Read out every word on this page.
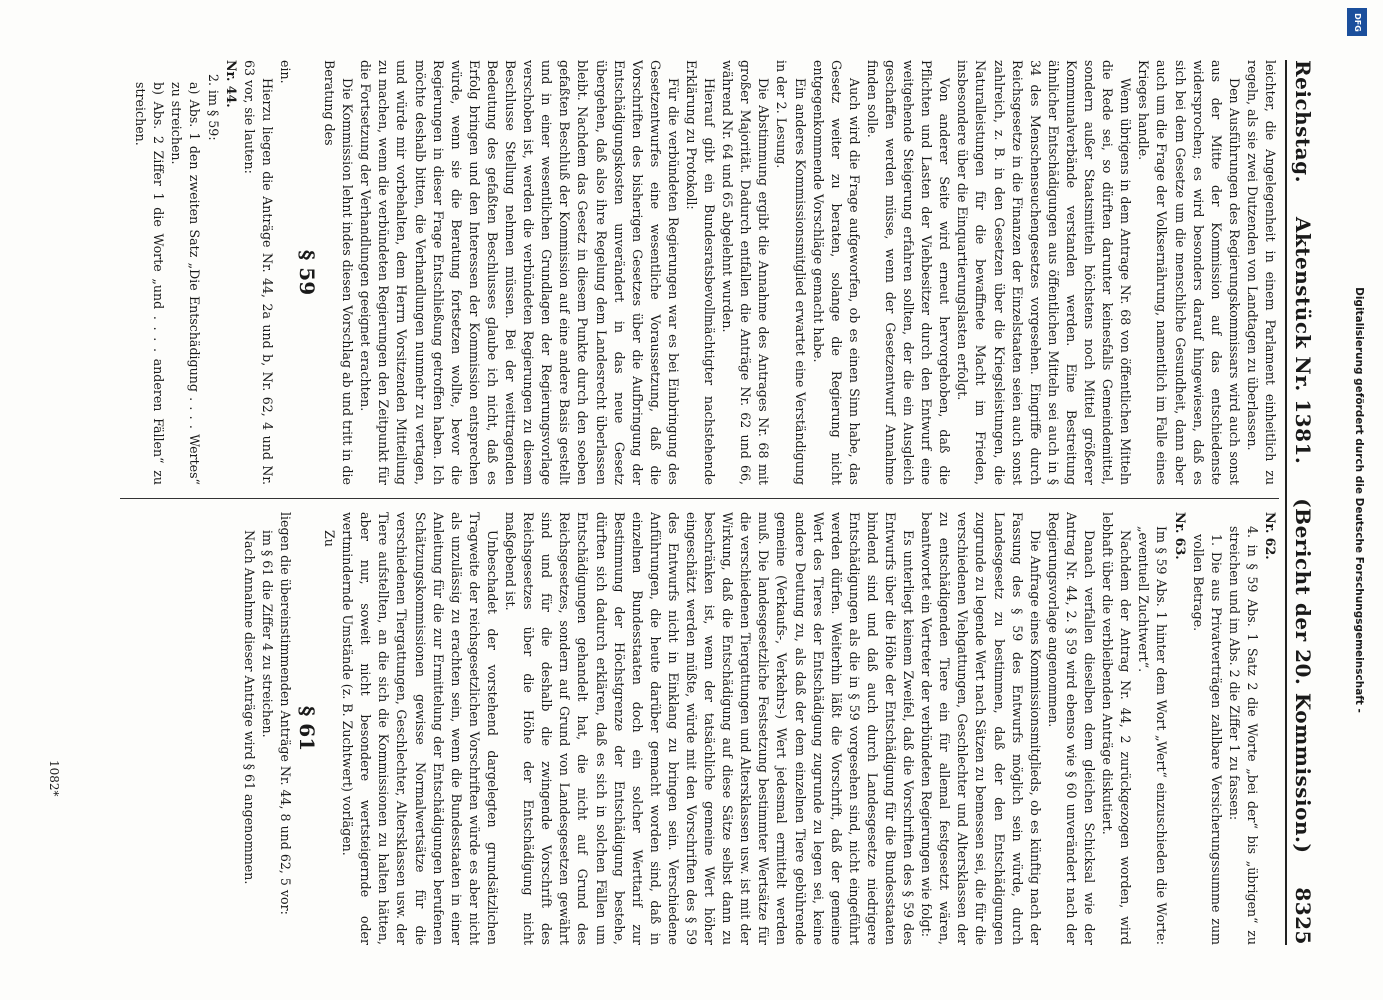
Reichstag.
Aktenstück Nr. 1381.
(Bericht der 20. Kommission.)
8325

leichter, die Angelegenheit in einem Parlament einheitlich zu regeln, als sie zwei Dutzenden von Landtagen zu überlassen.

Den Ausführungen des Regierungskommissars wird auch sonst aus der Mitte der Kommission auf das entschiedenste widersprochen; es wird besonders darauf hingewiesen, daß es sich bei dem Gesetze um die menschliche Gesundheit, dann aber auch um die Frage der Volksernährung, namentlich im Falle eines Krieges handle.

Wenn übrigens in dem Antrage Nr. 68 von öffentlichen Mitteln die Rede sei, so dürften darunter keinesfalls Gemeindemittel, sondern außer Staatsmitteln höchstens noch Mittel größerer Kommunalverbände verstanden werden. Eine Bestreitung ähnlicher Entschädigungen aus öffentlichen Mitteln sei auch in § 34 des Menschenseuchengesetzes vorgesehen. Eingriffe durch Reichsgesetze in die Finanzen der Einzelstaaten seien auch sonst zahlreich, z. B. in den Gesetzen über die Kriegsleistungen, die Naturalleistungen für die bewaffnete Macht im Frieden, insbesondere über die Einquartierungslasten erfolgt.

Von anderer Seite wird erneut hervorgehoben, daß die Pflichten und Lasten der Viehbesitzer durch den Entwurf eine weitgehende Steigerung erfahren sollten, der die ein Ausgleich geschaffen werden müsse, wenn der Gesetzentwurf Annahme finden solle.

Auch wird die Frage aufgeworfen, ob es einen Sinn habe, das Gesetz weiter zu beraten, solange die Regierung nicht entgegenkommende Vorschläge gemacht habe.

Ein anderes Kommissionsmitglied erwartet eine Verständigung in der 2. Lesung.

Die Abstimmung ergibt die Annahme des Antrages Nr. 68 mit großer Majorität. Dadurch entfallen die Anträge Nr. 62 und 66, während Nr. 64 und 65 abgelehnt wurden.

Hierauf gibt ein Bundesratsbevollmächtigter nachstehende Erklärung zu Protokoll:

Für die verbündeten Regierungen war es bei Einbringung des Gesetzentwurfes eine wesentliche Voraussetzung, daß die Vorschriften des bisherigen Gesetzes über die Aufbringung der Entschädigungskosten unverändert in das neue Gesetz übergehen, daß also ihre Regelung dem Landesrecht überlassen bleibt. Nachdem das Gesetz in diesem Punkte durch den soeben gefaßten Beschluß der Kommission auf eine andere Basis gestellt und in einer wesentlichen Grundlagen der Regierungsvorlage verschoben ist, werden die verbündeten Regierungen zu diesem Beschlusse Stellung nehmen müssen. Bei der weittragenden Bedeutung des gefaßten Beschlusses glaube ich nicht, daß es Erfolg bringen und den Interessen der Kommission entsprechen würde, wenn sie die Beratung fortsetzen wollte, bevor die Regierungen in dieser Frage Entschließung getroffen haben. Ich möchte deshalb bitten, die Verhandlungen nunmehr zu vertagen, und würde mir vorbehalten, dem Herrn Vorsitzenden Mitteilung zu machen, wenn die verbündeten Regierungen den Zeitpunkt für die Fortsetzung der Verhandlungen geeignet erachten.

Die Kommission lehnt indes diesen Vorschlag ab und tritt in die Beratung des

§ 59

ein.

Hierzu liegen die Anträge Nr. 44, 2a und b, Nr. 62, 4 und Nr. 63 vor, sie lauten:

Nr. 44.

2. im § 59:

a) Abs. 1 den zweiten Satz „Die Entschädigung . . . . Wertes“ zu streichen.

b) Abs. 2 Ziffer 1 die Worte „und . . . . anderen Fällen“ zu streichen.

Nr. 62.

4. in § 59 Abs. 1 Satz 2 die Worte „bei der“ bis „übrigen“ zu streichen und im Abs. 2 die Ziffer 1 zu fassen:

1. Die aus Privatverträgen zahlbare Versicherungssumme zum vollen Betrage.

Nr. 63.

Im § 59 Abs. 1 hinter dem Wort „Wert“ einzuschieden die Worte: „eventuell Zuchtwert“.

Nachdem der Antrag Nr. 44, 2 zurückgezogen worden, wird lebhaft über die verbleibenden Anträge diskutiert.

Danach verfallen dieselben dem gleichen Schicksal wie der Antrag Nr. 44, 2. § 59 wird ebenso wie § 60 unverändert nach der Regierungsvorlage angenommen.

Die Anfrage eines Kommissionsmitglieds, ob es künftig nach der Fassung des § 59 des Entwurfs möglich sein würde, durch Landesgesetz zu bestimmen, daß der den Entschädigungen zugrunde zu legende Wert nach Sätzen zu bemessen sei, die für die verschiedenen Viehgattungen, Geschlechter und Altersklassen der zu entschädigenden Tiere ein für allemal festgesetzt wären, beantwortet ein Vertreter der verbündeten Regierungen wie folgt:

Es unterliegt keinem Zweifel, daß die Vorschriften des § 59 des Entwurfs über die Höhe der Entschädigung für die Bundesstaaten bindend sind und daß auch durch Landesgesetze niedrigere Entschädigungen als die in § 59 vorgesehen sind, nicht eingeführt werden dürfen. Weiterhin läßt die Vorschrift, daß der gemeine Wert des Tieres der Entschädigung zugrunde zu legen sei, keine andere Deutung zu, als daß der dem einzelnen Tiere gebührende gemeine (Verkaufs-, Verkehrs-) Wert jedesmal ermittelt werden muß. Die landesgesetzliche Festsetzung bestimmter Wertsätze für die verschiedenen Tiergattungen und Altersklassen usw. ist mit der Wirkung, daß die Entschädigung auf diese Sätze selbst dann zu beschränken ist, wenn der tatsächliche gemeine Wert höher eingeschätzt werden müßte, würde mit den Vorschriften des § 59 des Entwurfs nicht in Einklang zu bringen sein. Verschiedene Anführungen, die heute darüber gemacht worden sind, daß in einzelnen Bundesstaaten doch ein solcher Werttarif zur Bestimmung der Höchstgrenze der Entschädigung bestehe, dürften sich dadurch erklären, daß es sich in solchen Fällen um Entschädigungen gehandelt hat, die nicht auf Grund des Reichsgesetzes, sondern auf Grund von Landesgesetzen gewährt sind und für die deshalb die zwingende Vorschrift des Reichsgesetzes über die Höhe der Entschädigung nicht maßgebend ist.

Unbeschadet der vorstehend dargelegten grundsätzlichen Tragweite der reichsgesetzlichen Vorschriften würde es aber nicht als unzulässig zu erachten sein, wenn die Bundesstaaten in einer Anleitung für die zur Ermittelung der Entschädigungen berufenen Schätzungskommissionen gewisse Normalwertsätze für die verschiedenen Tiergattungen, Geschlechter, Altersklassen usw. der Tiere aufstellten, an die sich die Kommissionen zu halten hätten, aber nur, soweit nicht besondere wertsteigernde oder wertmindernde Umstände (z. B. Zuchtwert) vorlägen.

Zu

§ 61

liegen die übereinstimmenden Anträge Nr. 44, 8 und 62, 5 vor:

im § 61 die Ziffer 4 zu streichen.

Nach Annahme dieser Anträge wird § 61 angenommen.

1082*
DFG
Digitalisierung gefördert durch die Deutsche Forschungsgemeinschaft -
